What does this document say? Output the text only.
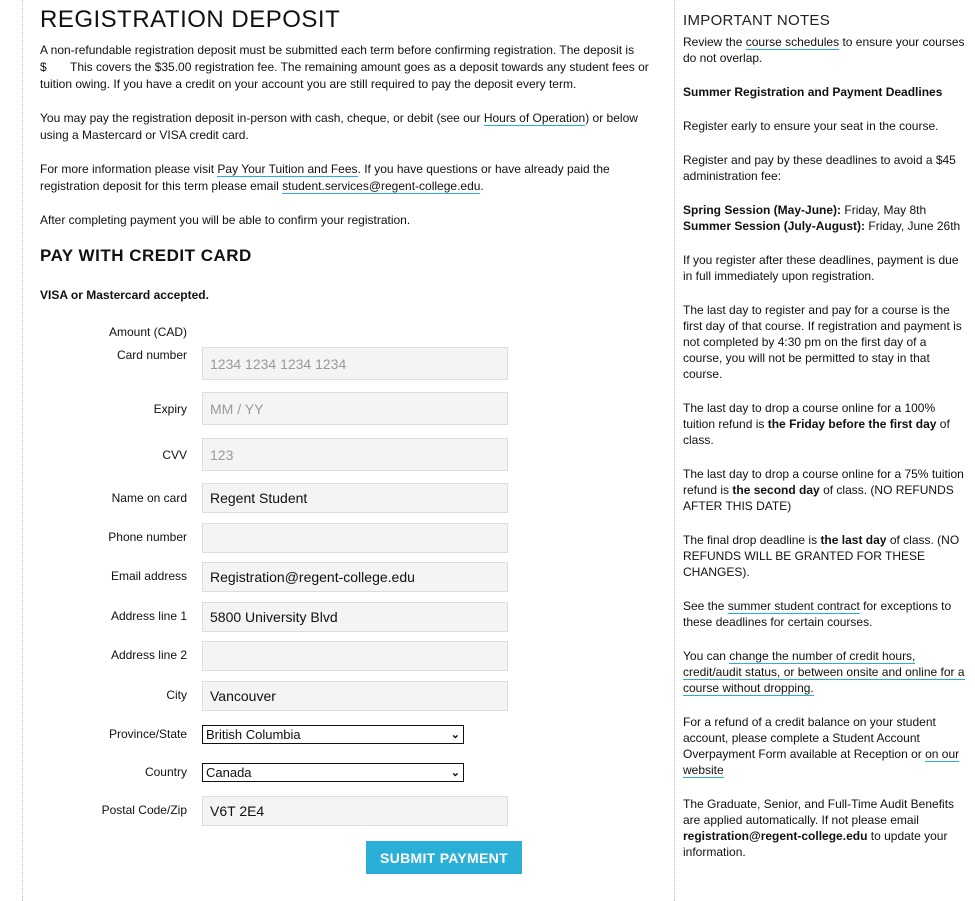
REGISTRATION DEPOSIT

A non-refundable registration deposit must be submitted each term before confirming registration. The deposit is
$ This covers the $35.00 registration fee. The remaining amount goes as a deposit towards any student fees or tuition owing. If you have a credit on your account you are still required to pay the deposit every term.

You may pay the registration deposit in-person with cash, cheque, or debit (see our Hours of Operation) or below using a Mastercard or VISA credit card.

For more information please visit Pay Your Tuition and Fees. If you have questions or have already paid the registration deposit for this term please email student.services@regent-college.edu.

After completing payment you will be able to confirm your registration.

PAY WITH CREDIT CARD

VISA or Mastercard accepted.

Amount (CAD)
Card number
1234 1234 1234 1234
Expiry
MM / YY
CVV
123
Name on card
Regent Student
Phone number
Email address
Registration@regent-college.edu
Address line 1
5800 University Blvd
Address line 2
City
Vancouver
Province/State British Columbia	⌄
Country Canada	⌄
Postal Code/Zip
V6T 2E4
SUBMIT PAYMENT
IMPORTANT NOTES

Review the course schedules to ensure your courses do not overlap.

Summer Registration and Payment Deadlines

Register early to ensure your seat in the course.

Register and pay by these deadlines to avoid a $45 administration fee:

Spring Session (May-June): Friday, May 8th
Summer Session (July-August): Friday, June 26th

If you register after these deadlines, payment is due in full immediately upon registration.

The last day to register and pay for a course is the first day of that course. If registration and payment is not completed by 4:30 pm on the first day of a course, you will not be permitted to stay in that course.

The last day to drop a course online for a 100% tuition refund is the Friday before the first day of class.

The last day to drop a course online for a 75% tuition refund is the second day of class. (NO REFUNDS AFTER THIS DATE)

The final drop deadline is the last day of class. (NO REFUNDS WILL BE GRANTED FOR THESE CHANGES).

See the summer student contract for exceptions to these deadlines for certain courses.

You can change the number of credit hours, credit/audit status, or between onsite and online for a course without dropping.

For a refund of a credit balance on your student account, please complete a Student Account Overpayment Form available at Reception or on our website

The Graduate, Senior, and Full-Time Audit Benefits are applied automatically. If not please email registration@regent-college.edu to update your information.
